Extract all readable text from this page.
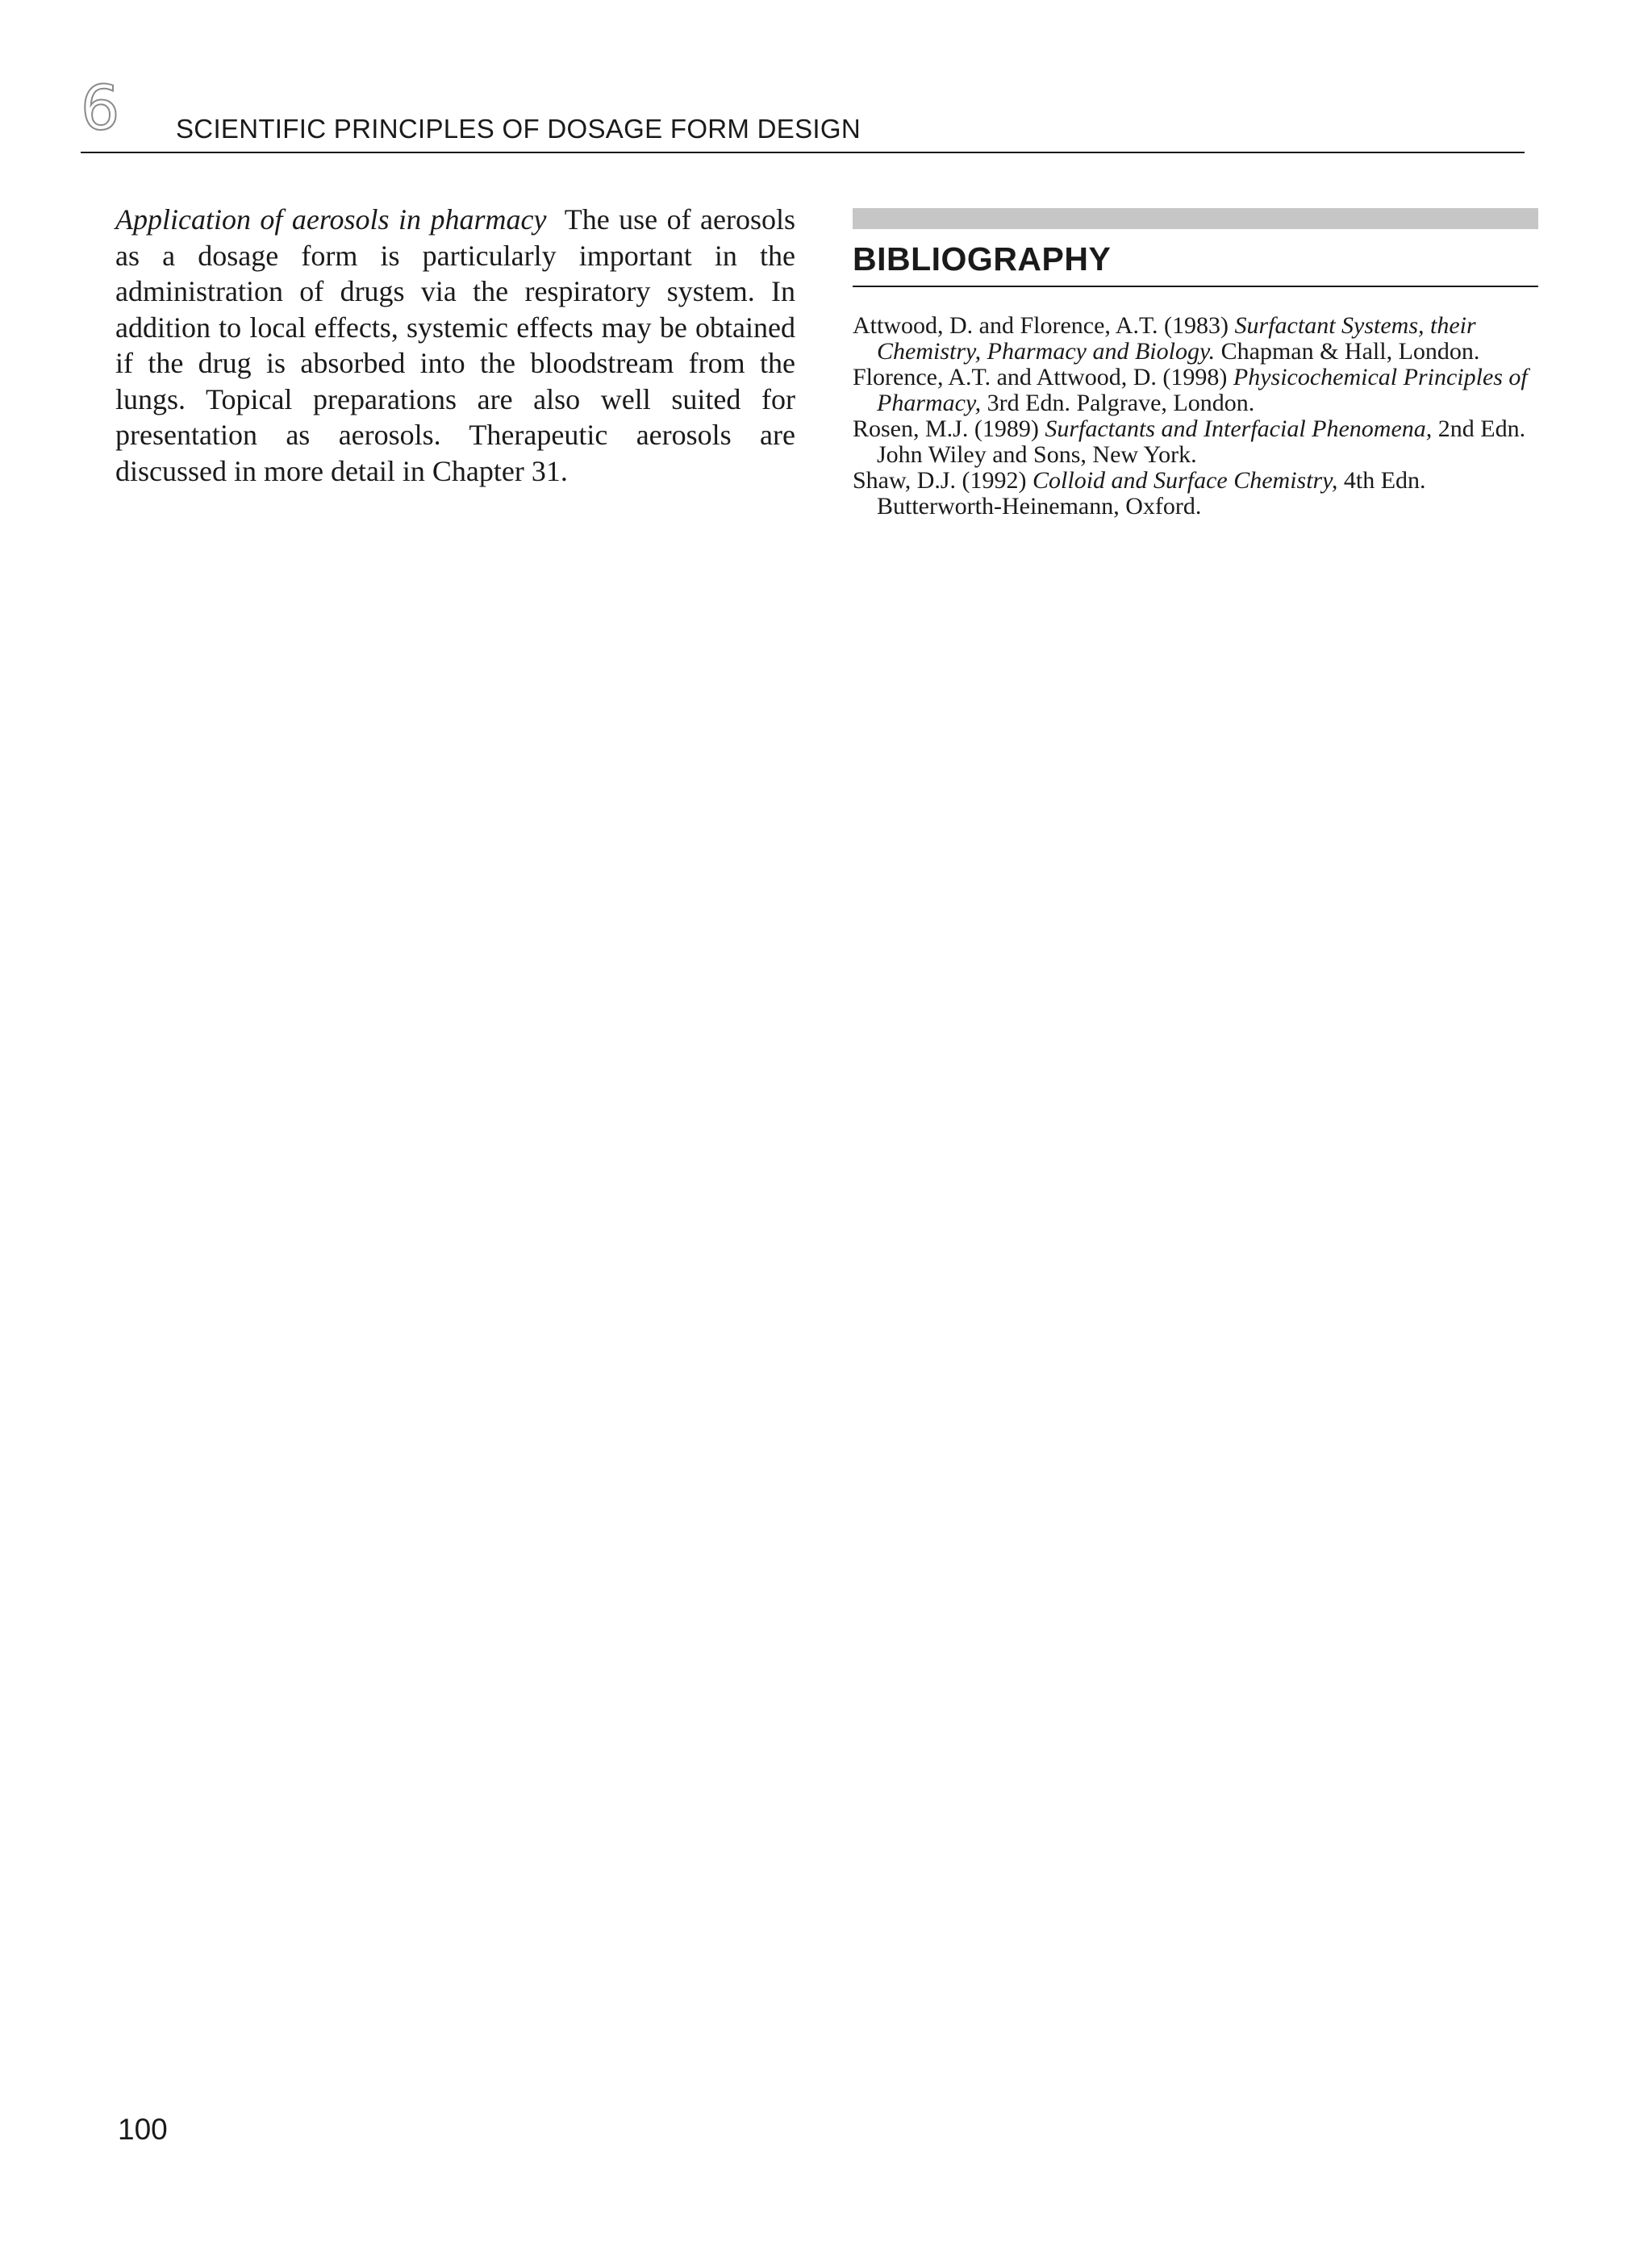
6 SCIENTIFIC PRINCIPLES OF DOSAGE FORM DESIGN
Application of aerosols in pharmacy The use of aerosols as a dosage form is particularly important in the administration of drugs via the respiratory system. In addition to local effects, systemic effects may be obtained if the drug is absorbed into the bloodstream from the lungs. Topical preparations are also well suited for presentation as aerosols. Therapeutic aerosols are discussed in more detail in Chapter 31.
BIBLIOGRAPHY
Attwood, D. and Florence, A.T. (1983) Surfactant Systems, their Chemistry, Pharmacy and Biology. Chapman & Hall, London.
Florence, A.T. and Attwood, D. (1998) Physicochemical Principles of Pharmacy, 3rd Edn. Palgrave, London.
Rosen, M.J. (1989) Surfactants and Interfacial Phenomena, 2nd Edn. John Wiley and Sons, New York.
Shaw, D.J. (1992) Colloid and Surface Chemistry, 4th Edn. Butterworth-Heinemann, Oxford.
100
